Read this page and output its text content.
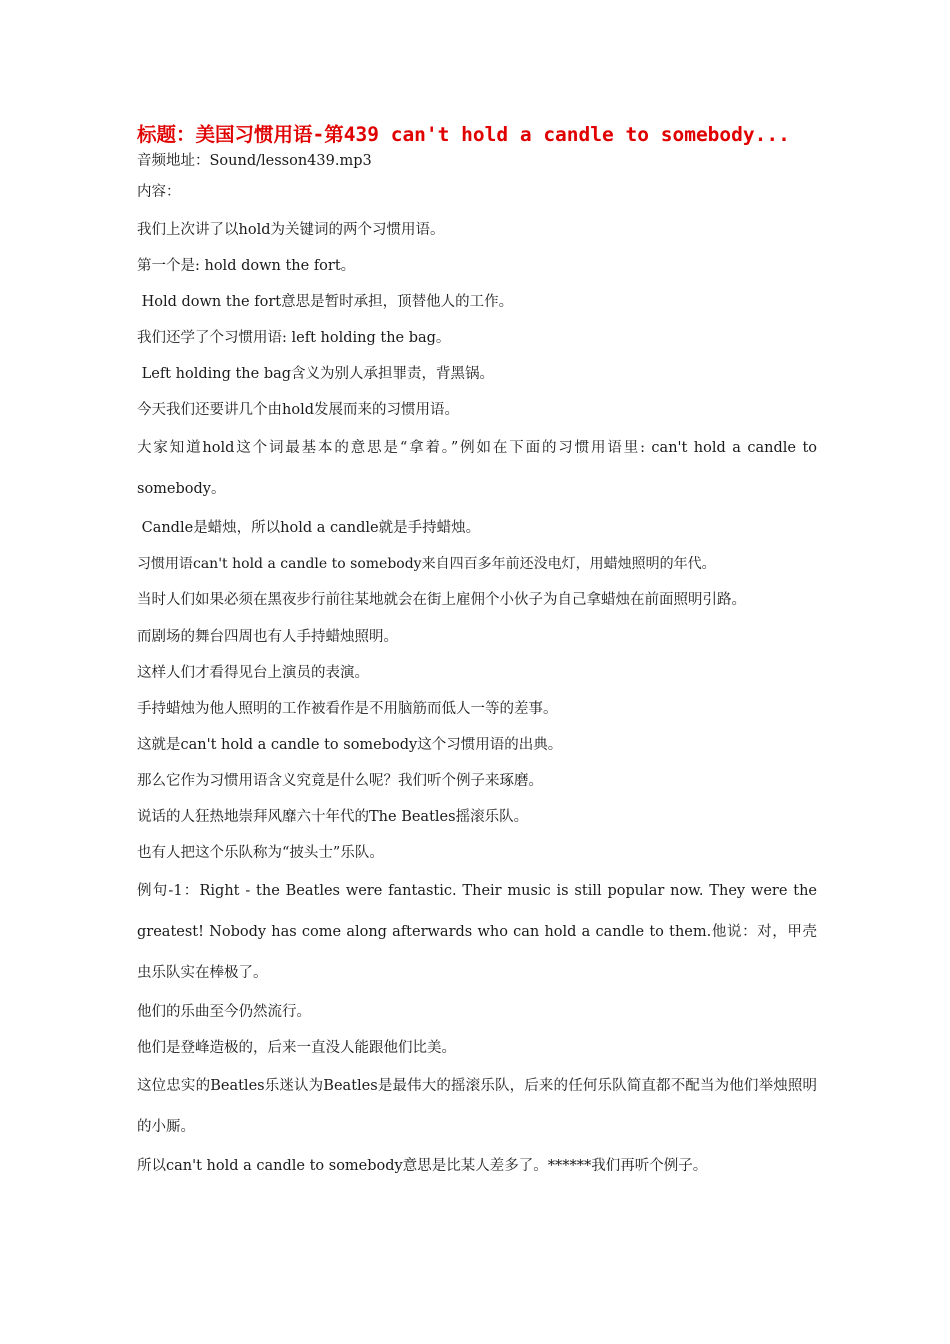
标题：美国习惯用语-第439 can't hold a candle to somebody...

音频地址：Sound/lesson439.mp3

内容：

我们上次讲了以hold为关键词的两个习惯用语。

第一个是: hold down the fort。

Hold down the fort意思是暂时承担，顶替他人的工作。

我们还学了个习惯用语: left holding the bag。

Left holding the bag含义为别人承担罪责，背黑锅。

今天我们还要讲几个由hold发展而来的习惯用语。

大家知道hold这个词最基本的意思是“拿着。”例如在下面的习惯用语里: can't hold a candle to somebody。

Candle是蜡烛，所以hold a candle就是手持蜡烛。

习惯用语can't hold a candle to somebody来自四百多年前还没电灯，用蜡烛照明的年代。

当时人们如果必须在黑夜步行前往某地就会在街上雇佣个小伙子为自己拿蜡烛在前面照明引路。

而剧场的舞台四周也有人手持蜡烛照明。

这样人们才看得见台上演员的表演。

手持蜡烛为他人照明的工作被看作是不用脑筋而低人一等的差事。

这就是can't hold a candle to somebody这个习惯用语的出典。

那么它作为习惯用语含义究竟是什么呢？我们听个例子来琢磨。

说话的人狂热地崇拜风靡六十年代的The Beatles摇滚乐队。

也有人把这个乐队称为“披头士”乐队。

例句-1：Right - the Beatles were fantastic. Their music is still popular now. They were the greatest! Nobody has come along afterwards who can hold a candle to them.他说：对，甲壳虫乐队实在棒极了。

他们的乐曲至今仍然流行。

他们是登峰造极的，后来一直没人能跟他们比美。

这位忠实的Beatles乐迷认为Beatles是最伟大的摇滚乐队，后来的任何乐队简直都不配当为他们举烛照明的小厮。

所以can't hold a candle to somebody意思是比某人差多了。******我们再听个例子。
